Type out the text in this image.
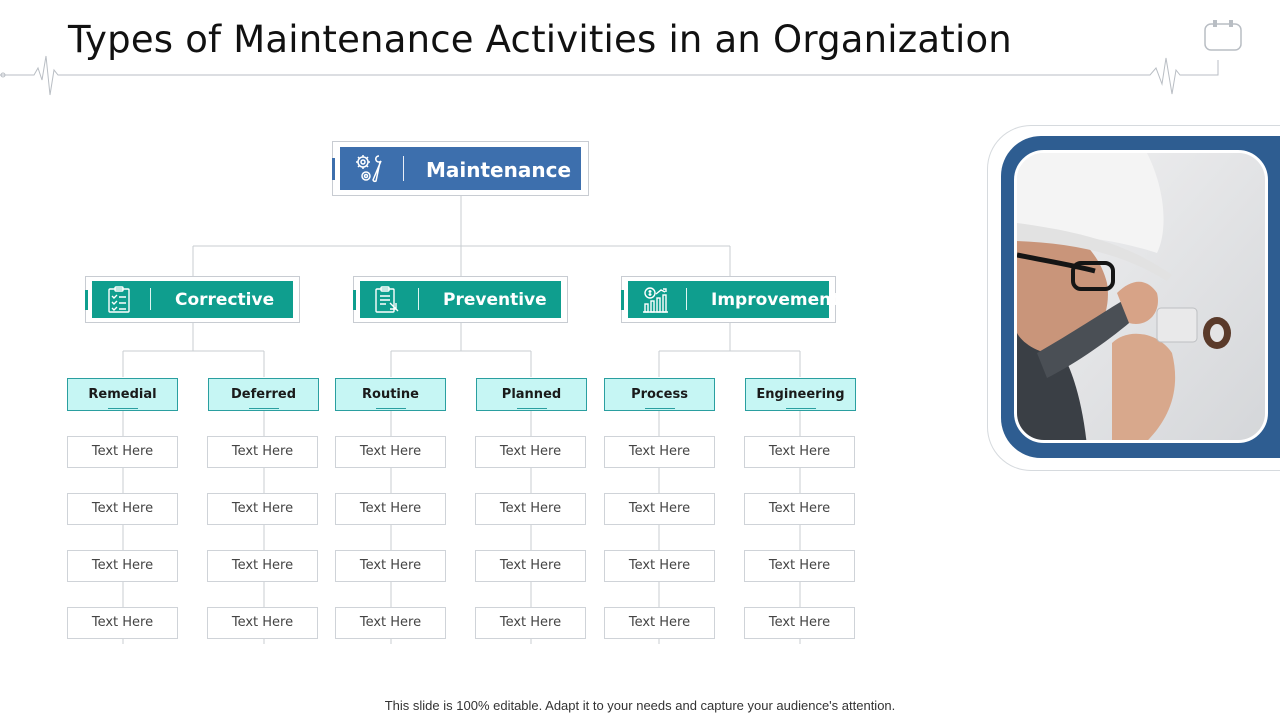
Types of Maintenance Activities in an Organization
Maintenance
Corrective	Preventive	Improvement
Remedial	Deferred	Routine	Planned	Process	Engineering
Text Here
Text Here
Text Here
Text Here
Text Here
Text Here
Text Here
Text Here
Text Here
Text Here
Text Here
Text Here
Text Here
Text Here
Text Here
Text Here
Text Here
Text Here
Text Here
Text Here
Text Here
Text Here
Text Here
Text Here
This slide is 100% editable. Adapt it to your needs and capture your audience's attention.
